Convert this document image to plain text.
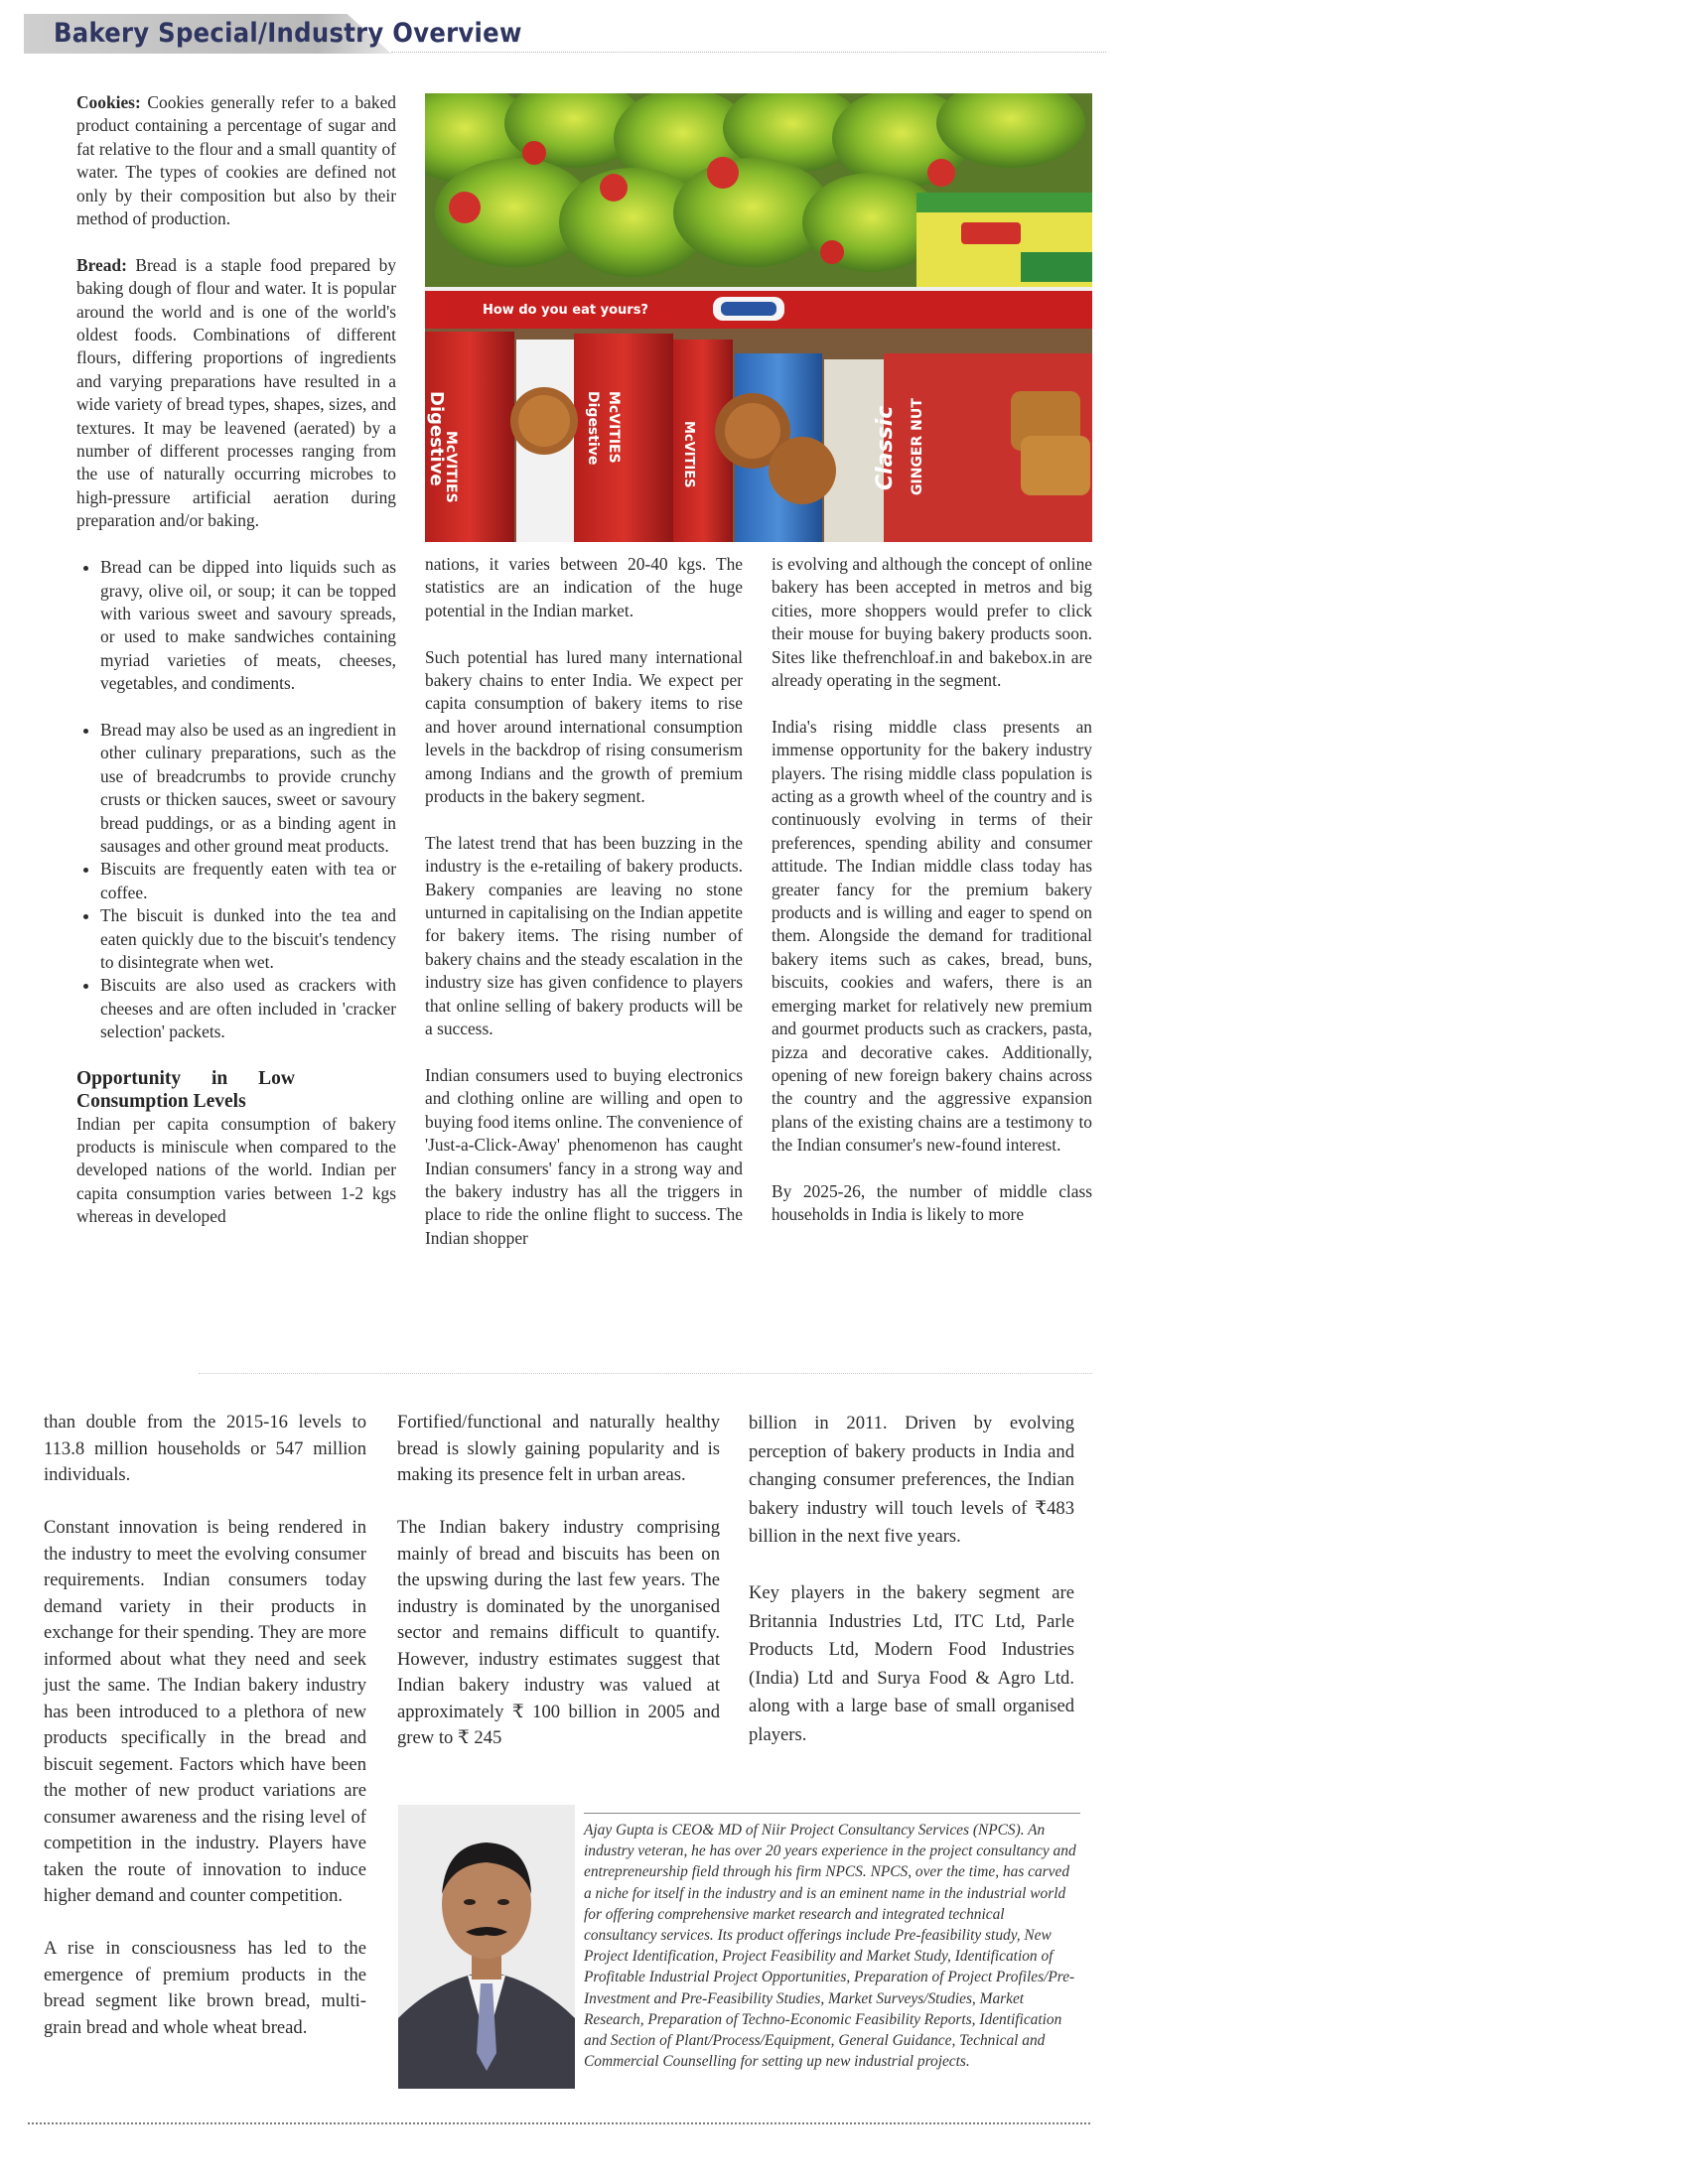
Bakery Special/Industry Overview
How do you eat yours?
McVITIES
Digestive	McVITIES
Digestive	McVITIES	Classic GINGER NUT

Cookies: Cookies generally refer to a baked product containing a percentage of sugar and fat relative to the flour and a small quantity of water. The types of cookies are defined not only by their composition but also by their method of production.

Bread: Bread is a staple food prepared by baking dough of flour and water. It is popular around the world and is one of the world's oldest foods. Combinations of different flours, differing proportions of ingredients and varying preparations have resulted in a wide variety of bread types, shapes, sizes, and textures. It may be leavened (aerated) by a number of different processes ranging from the use of naturally occurring microbes to high-pressure artificial aeration during preparation and/or baking.

• Bread can be dipped into liquids such as gravy, olive oil, or soup; it can be topped with various sweet and savoury spreads, or used to make sandwiches containing myriad varieties of meats, cheeses, vegetables, and condiments.
• Bread may also be used as an ingredient in other culinary preparations, such as the use of breadcrumbs to provide crunchy crusts or thicken sauces, sweet or savoury bread puddings, or as a binding agent in sausages and other ground meat products.
• Biscuits are frequently eaten with tea or coffee.
• The biscuit is dunked into the tea and eaten quickly due to the biscuit's tendency to disintegrate when wet.
• Biscuits are also used as crackers with cheeses and are often included in 'cracker selection' packets.
Opportunity in Low Consumption Levels

Indian per capita consumption of bakery products is miniscule when compared to the developed nations of the world. Indian per capita consumption varies between 1-2 kgs whereas in developed

nations, it varies between 20-40 kgs. The statistics are an indication of the huge potential in the Indian market.

Such potential has lured many international bakery chains to enter India. We expect per capita consumption of bakery items to rise and hover around international consumption levels in the backdrop of rising consumerism among Indians and the growth of premium products in the bakery segment.

The latest trend that has been buzzing in the industry is the e-retailing of bakery products. Bakery companies are leaving no stone unturned in capitalising on the Indian appetite for bakery items. The rising number of bakery chains and the steady escalation in the industry size has given confidence to players that online selling of bakery products will be a success.

Indian consumers used to buying electronics and clothing online are willing and open to buying food items online. The convenience of 'Just-a-Click-Away' phenomenon has caught Indian consumers' fancy in a strong way and the bakery industry has all the triggers in place to ride the online flight to success. The Indian shopper

is evolving and although the concept of online bakery has been accepted in metros and big cities, more shoppers would prefer to click their mouse for buying bakery products soon. Sites like thefrenchloaf.in and bakebox.in are already operating in the segment.

India's rising middle class presents an immense opportunity for the bakery industry players. The rising middle class population is acting as a growth wheel of the country and is continuously evolving in terms of their preferences, spending ability and consumer attitude. The Indian middle class today has greater fancy for the premium bakery products and is willing and eager to spend on them. Alongside the demand for traditional bakery items such as cakes, bread, buns, biscuits, cookies and wafers, there is an emerging market for relatively new premium and gourmet products such as crackers, pasta, pizza and decorative cakes. Additionally, opening of new foreign bakery chains across the country and the aggressive expansion plans of the existing chains are a testimony to the Indian consumer's new-found interest.

By 2025-26, the number of middle class households in India is likely to more

than double from the 2015-16 levels to 113.8 million households or 547 million individuals.

Constant innovation is being rendered in the industry to meet the evolving consumer requirements. Indian consumers today demand variety in their products in exchange for their spending. They are more informed about what they need and seek just the same. The Indian bakery industry has been introduced to a plethora of new products specifically in the bread and biscuit segement. Factors which have been the mother of new product variations are consumer awareness and the rising level of competition in the industry. Players have taken the route of innovation to induce higher demand and counter competition.

A rise in consciousness has led to the emergence of premium products in the bread segment like brown bread, multi-grain bread and whole wheat bread.

Fortified/functional and naturally healthy bread is slowly gaining popularity and is making its presence felt in urban areas.

The Indian bakery industry comprising mainly of bread and biscuits has been on the upswing during the last few years. The industry is dominated by the unorganised sector and remains difficult to quantify. However, industry estimates suggest that Indian bakery industry was valued at approximately ₹ 100 billion in 2005 and grew to ₹ 245

billion in 2011. Driven by evolving perception of bakery products in India and changing consumer preferences, the Indian bakery industry will touch levels of ₹483 billion in the next five years.

Key players in the bakery segment are Britannia Industries Ltd, ITC Ltd, Parle Products Ltd, Modern Food Industries (India) Ltd and Surya Food & Agro Ltd. along with a large base of small organised players.

Ajay Gupta is CEO& MD of Niir Project Consultancy Services (NPCS). An industry veteran, he has over 20 years experience in the project consultancy and entrepreneurship field through his firm NPCS. NPCS, over the time, has carved a niche for itself in the industry and is an eminent name in the industrial world for offering comprehensive market research and integrated technical consultancy services. Its product offerings include Pre-feasibility study, New Project Identification, Project Feasibility and Market Study, Identification of Profitable Industrial Project Opportunities, Preparation of Project Profiles/Pre-Investment and Pre-Feasibility Studies, Market Surveys/Studies, Market Research, Preparation of Techno-Economic Feasibility Reports, Identification and Section of Plant/Process/Equipment, General Guidance, Technical and Commercial Counselling for setting up new industrial projects.
